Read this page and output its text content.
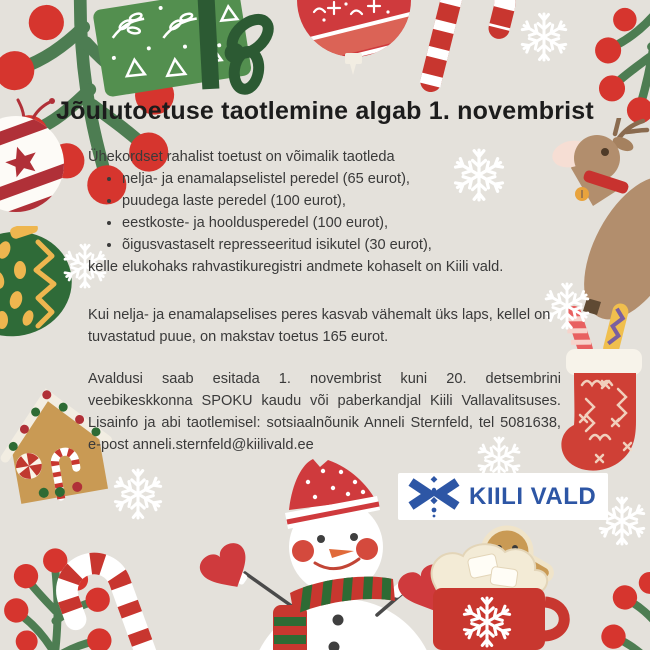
Jõulutoetuse taotlemine algab 1. novembrist

Ühekordset rahalist toetust on võimalik taotleda

• nelja- ja enamalapselistel peredel (65 eurot),
• puudega laste peredel (100 eurot),
• eestkoste- ja hooldusperedel (100 eurot),
• õigusvastaselt represseeritud isikutel (30 eurot),

kelle elukohaks rahvastikuregistri andmete kohaselt on Kiili vald.

Kui nelja- ja enamalapselises peres kasvab vähemalt üks laps, kellel on tuvastatud puue, on makstav toetus 165 eurot.

Avaldusi saab esitada 1. novembrist kuni 20. detsembrini veebikeskkonna SPOKU kaudu või paberkandjal Kiili Vallavalitsuses. Lisainfo ja abi taotlemisel: sotsiaalnõunik Anneli Sternfeld, tel 5081638, e-post anneli.sternfeld@kiilivald.ee

KIILI VALD
